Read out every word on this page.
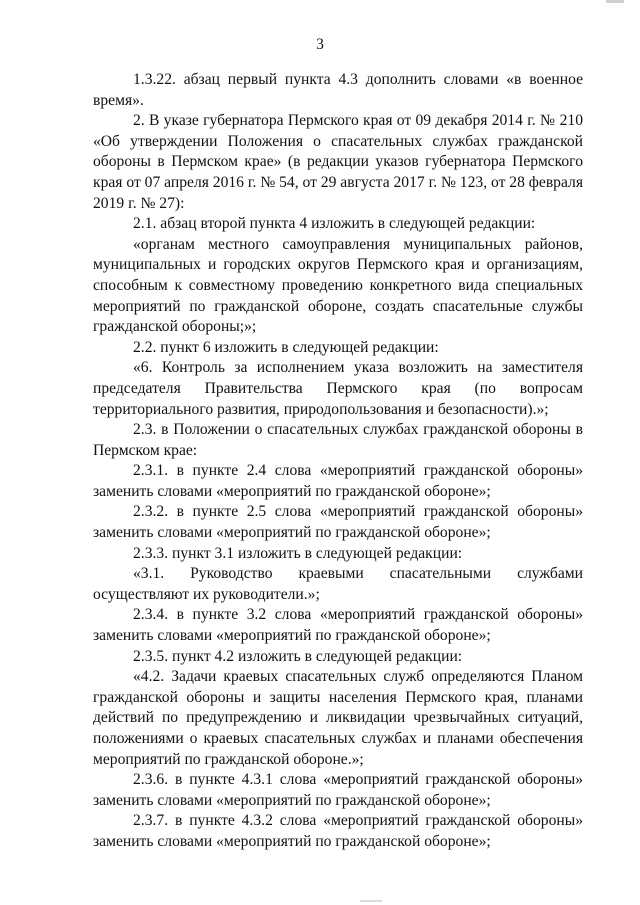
3

1.3.22. абзац первый пункта 4.3 дополнить словами «в военное время».

2. В указе губернатора Пермского края от 09 декабря 2014 г. № 210 «Об утверждении Положения о спасательных службах гражданской обороны в Пермском крае» (в редакции указов губернатора Пермского края от 07 апреля 2016 г. № 54, от 29 августа 2017 г. № 123, от 28 февраля 2019 г. № 27):

2.1. абзац второй пункта 4 изложить в следующей редакции:

«органам местного самоуправления муниципальных районов, муниципальных и городских округов Пермского края и организациям, способным к совместному проведению конкретного вида специальных мероприятий по гражданской обороне, создать спасательные службы гражданской обороны;»;

2.2. пункт 6 изложить в следующей редакции:

«6. Контроль за исполнением указа возложить на заместителя председателя Правительства Пермского края (по вопросам территориального развития, природопользования и безопасности).»;

2.3. в Положении о спасательных службах гражданской обороны в Пермском крае:

2.3.1. в пункте 2.4 слова «мероприятий гражданской обороны» заменить словами «мероприятий по гражданской обороне»;

2.3.2. в пункте 2.5 слова «мероприятий гражданской обороны» заменить словами «мероприятий по гражданской обороне»;

2.3.3. пункт 3.1 изложить в следующей редакции:

«3.1. Руководство краевыми спасательными службами осуществляют их руководители.»;

2.3.4. в пункте 3.2 слова «мероприятий гражданской обороны» заменить словами «мероприятий по гражданской обороне»;

2.3.5. пункт 4.2 изложить в следующей редакции:

«4.2. Задачи краевых спасательных служб определяются Планом гражданской обороны и защиты населения Пермского края, планами действий по предупреждению и ликвидации чрезвычайных ситуаций, положениями о краевых спасательных службах и планами обеспечения мероприятий по гражданской обороне.»;

2.3.6. в пункте 4.3.1 слова «мероприятий гражданской обороны» заменить словами «мероприятий по гражданской обороне»;

2.3.7. в пункте 4.3.2 слова «мероприятий гражданской обороны» заменить словами «мероприятий по гражданской обороне»;
